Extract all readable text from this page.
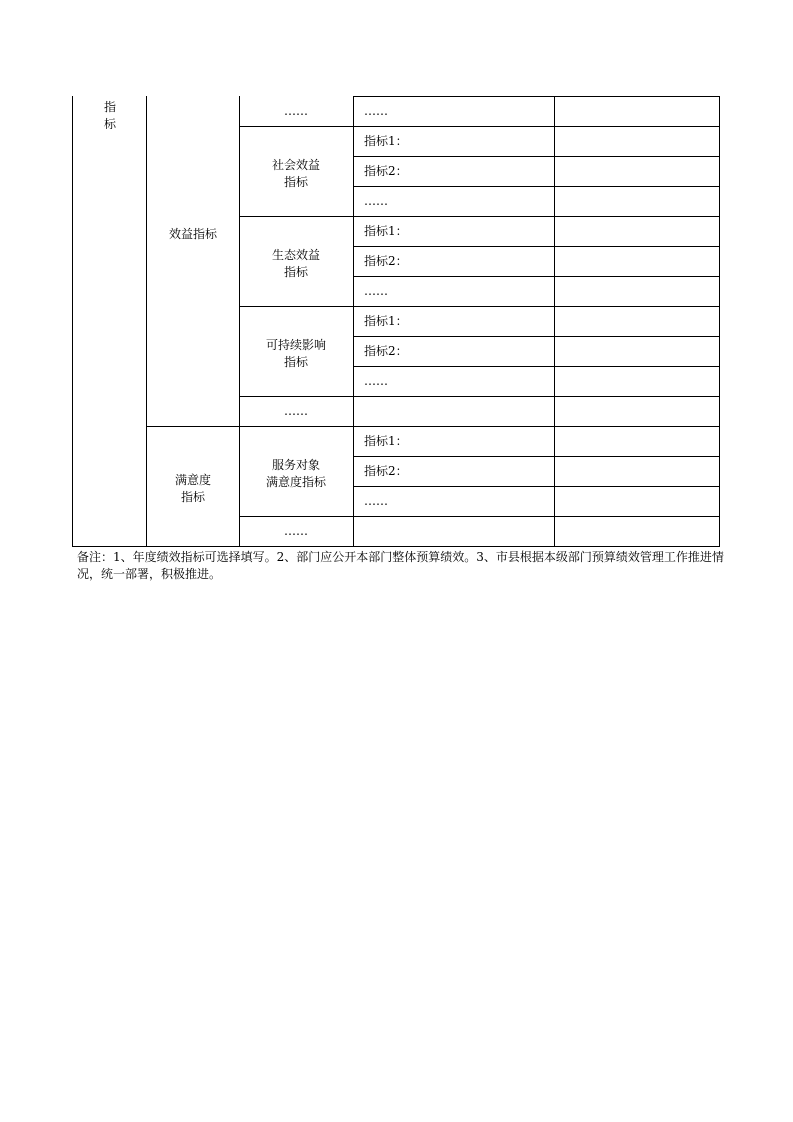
指
标
效益指标
满意度
指标
……
社会效益
指标
生态效益
指标
可持续影响
指标
……
服务对象
满意度指标
……
……
指标1：
指标2：
……
指标1：
指标2：
……
指标1：
指标2：
……
指标1：
指标2：
……
备注：1、年度绩效指标可选择填写。2、部门应公开本部门整体预算绩效。3、市县根据本级部门预算绩效管理工作推进情况，统一部署，积极推进。
